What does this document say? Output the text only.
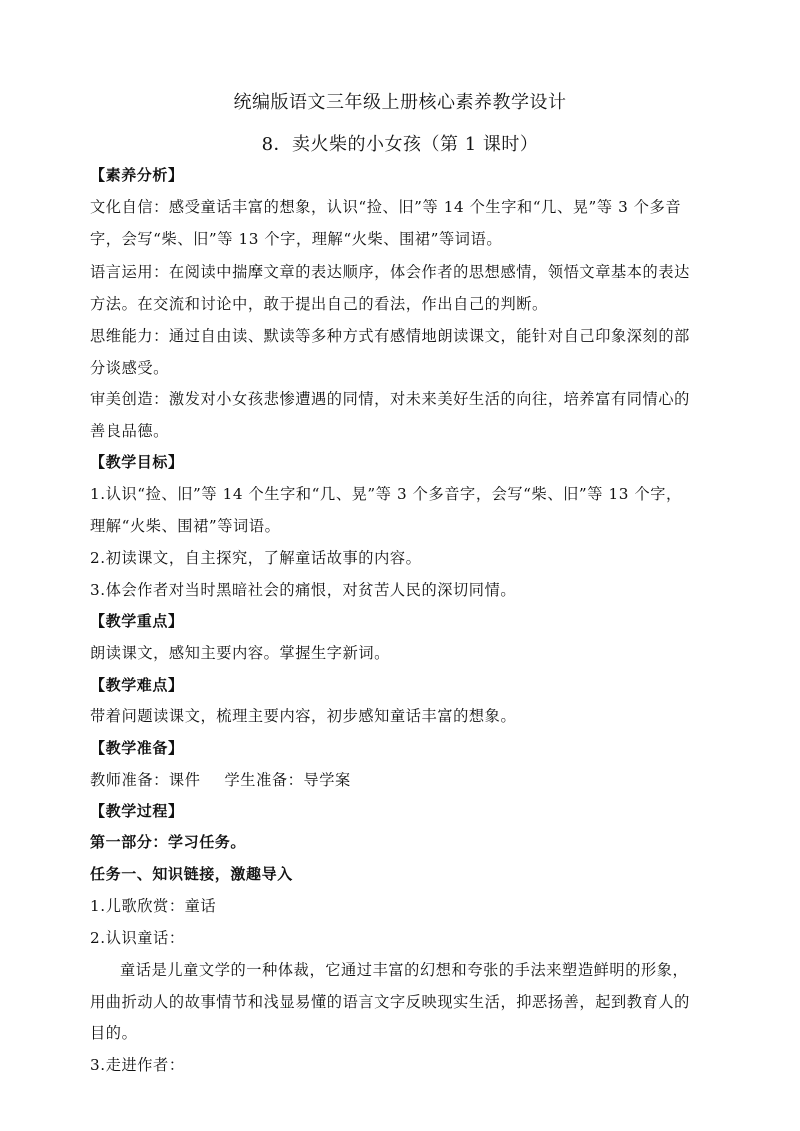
统编版语文三年级上册核心素养教学设计
8．卖火柴的小女孩（第 1 课时）
【素养分析】
文化自信：感受童话丰富的想象，认识“捡、旧”等 14 个生字和“几、晃”等 3 个多音
字，会写“柴、旧”等 13 个字，理解“火柴、围裙”等词语。
语言运用：在阅读中揣摩文章的表达顺序，体会作者的思想感情，领悟文章基本的表达
方法。在交流和讨论中，敢于提出自己的看法，作出自己的判断。
思维能力：通过自由读、默读等多种方式有感情地朗读课文，能针对自己印象深刻的部
分谈感受。
审美创造：激发对小女孩悲惨遭遇的同情，对未来美好生活的向往，培养富有同情心的
善良品德。
【教学目标】
1.认识“捡、旧”等 14 个生字和“几、晃”等 3 个多音字，会写“柴、旧”等 13 个字，
理解“火柴、围裙”等词语。
2.初读课文，自主探究，了解童话故事的内容。
3.体会作者对当时黑暗社会的痛恨，对贫苦人民的深切同情。
【教学重点】
朗读课文，感知主要内容。掌握生字新词。
【教学难点】
带着问题读课文，梳理主要内容，初步感知童话丰富的想象。
【教学准备】
教师准备：课件 学生准备：导学案
【教学过程】
第一部分：学习任务。
任务一、知识链接，激趣导入
1.儿歌欣赏：童话
2.认识童话：
童话是儿童文学的一种体裁，它通过丰富的幻想和夸张的手法来塑造鲜明的形象，
用曲折动人的故事情节和浅显易懂的语言文字反映现实生活，抑恶扬善，起到教育人的
目的。
3.走进作者：
